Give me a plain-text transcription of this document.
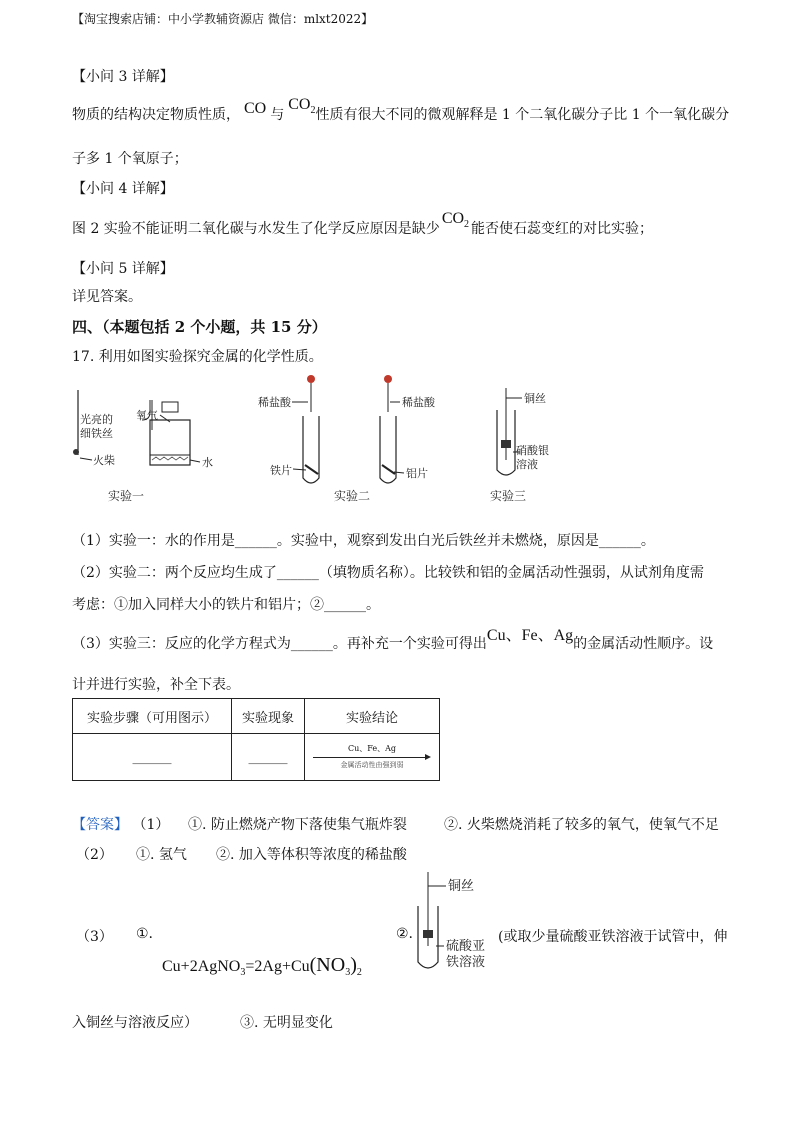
【淘宝搜索店铺：中小学教辅资源店 微信：mlxt2022】
【小问 3 详解】
物质的结构决定物质性质， CO 与$CO_2$性质有很大不同的微观解释是 1 个二氧化碳分子比 1 个一氧化碳分
子多 1 个氧原子；
【小问 4 详解】
图 2 实验不能证明二氧化碳与水发生了化学反应原因是缺少$CO_2$ 能否使石蕊变红的对比实验；
【小问 5 详解】
详见答案。
四、（本题包括 2 个小题，共 15 分）
17. 利用如图实验探究金属的化学性质。
光亮的
细铁丝
氧气
火柴	水
实验一
稀盐酸	稀盐酸
铁片	铝片
实验二
铜丝
硝酸银
溶液
实验三
（1）实验一：水的作用是______。实验中，观察到发出白光后铁丝并未燃烧，原因是______。
（2）实验二：两个反应均生成了______（填物质名称）。比较铁和铝的金属活动性强弱，从试剂角度需
考虑：①加入同样大小的铁片和铝片；②______。
（3）实验三：反应的化学方程式为______。再补充一个实验可得出Cu、Fe、Ag的金属活动性顺序。设
计并进行实验，补全下表。
实验步骤（可用图示）	实验现象	实验结论
______	______	Cu、Fe、Ag
金属活动性由强到弱
【答案】 （1） ①. 防止燃烧产物下落使集气瓶炸裂	②. 火柴燃烧消耗了较多的氧气，使氧气不足
（2） ①. 氢气 ②. 加入等体积等浓度的稀盐酸
（3） ①.
$Cu+2AgNO_3=2Ag+Cu(NO_3)_2$
②.
铜丝
硫酸亚
铁溶液
(或取少量硫酸亚铁溶液于试管中，伸
入铜丝与溶液反应）	③. 无明显变化
